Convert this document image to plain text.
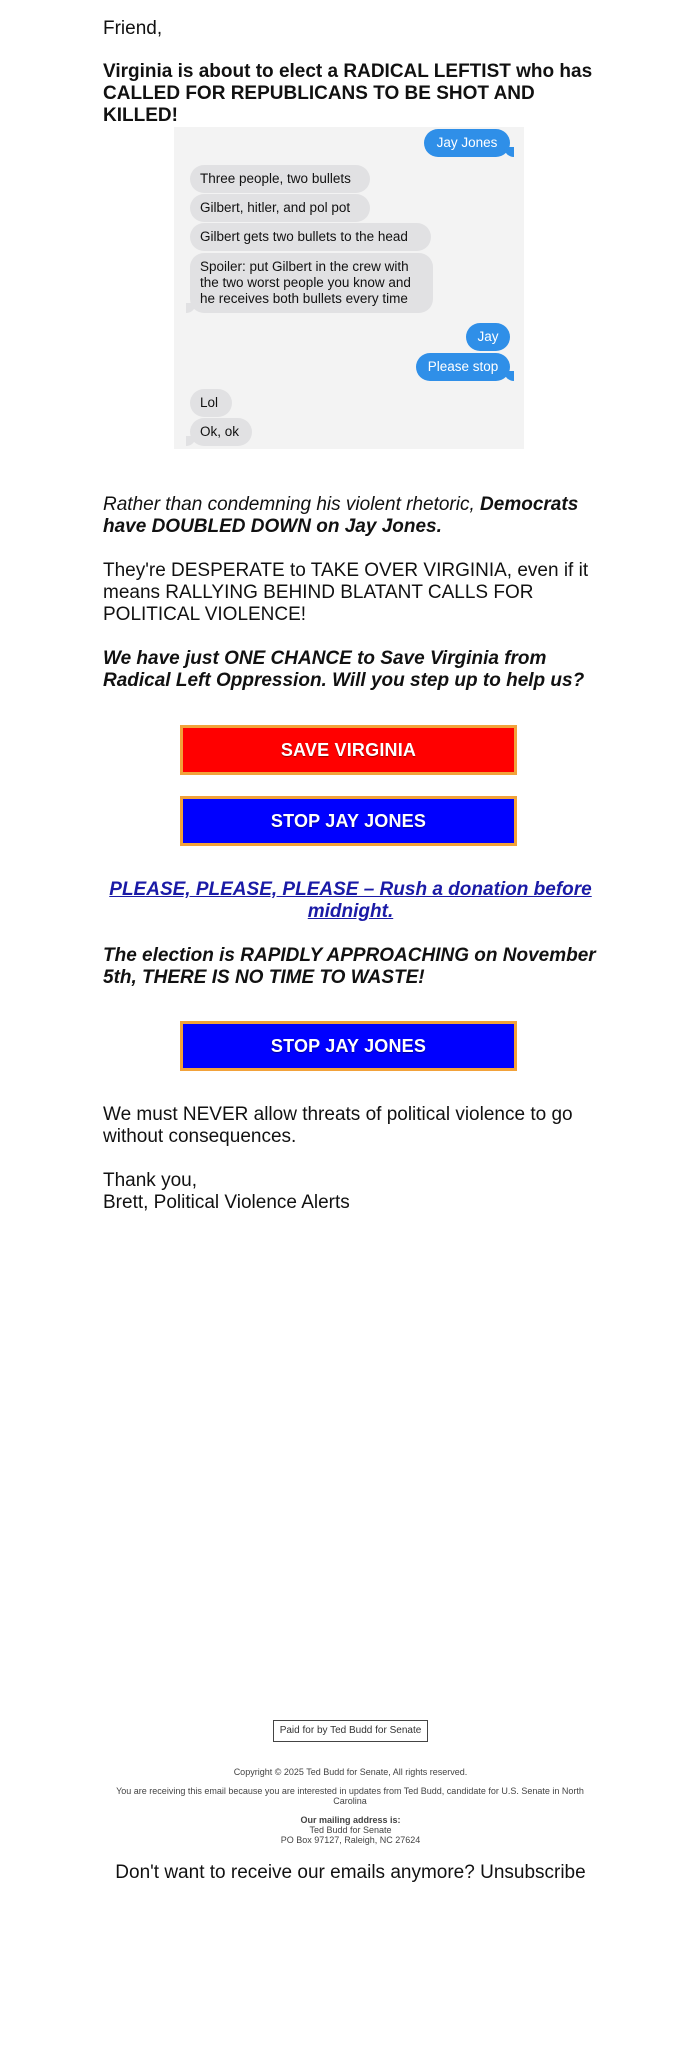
Friend,

Virginia is about to elect a RADICAL LEFTIST who has CALLED FOR REPUBLICANS TO BE SHOT AND KILLED!

Jay Jones
Three people, two bullets
Gilbert, hitler, and pol pot
Gilbert gets two bullets to the head
Spoiler: put Gilbert in the crew with the two worst people you know and he receives both bullets every time
Jay
Please stop
Lol
Ok, ok

Rather than condemning his violent rhetoric, Democrats have DOUBLED DOWN on Jay Jones.

They're DESPERATE to TAKE OVER VIRGINIA, even if it means RALLYING BEHIND BLATANT CALLS FOR POLITICAL VIOLENCE!

We have just ONE CHANCE to Save Virginia from Radical Left Oppression. Will you step up to help us?

SAVE VIRGINIA
STOP JAY JONES
PLEASE, PLEASE, PLEASE – Rush a donation before midnight.

The election is RAPIDLY APPROACHING on November 5th, THERE IS NO TIME TO WASTE!

STOP JAY JONES

We must NEVER allow threats of political violence to go without consequences.

Thank you,

Brett, Political Violence Alerts

Paid for by Ted Budd for Senate
Copyright © 2025 Ted Budd for Senate, All rights reserved.
You are receiving this email because you are interested in updates from Ted Budd, candidate for U.S. Senate in North Carolina
Our mailing address is:
Ted Budd for Senate
PO Box 97127, Raleigh, NC 27624
Don't want to receive our emails anymore? Unsubscribe
